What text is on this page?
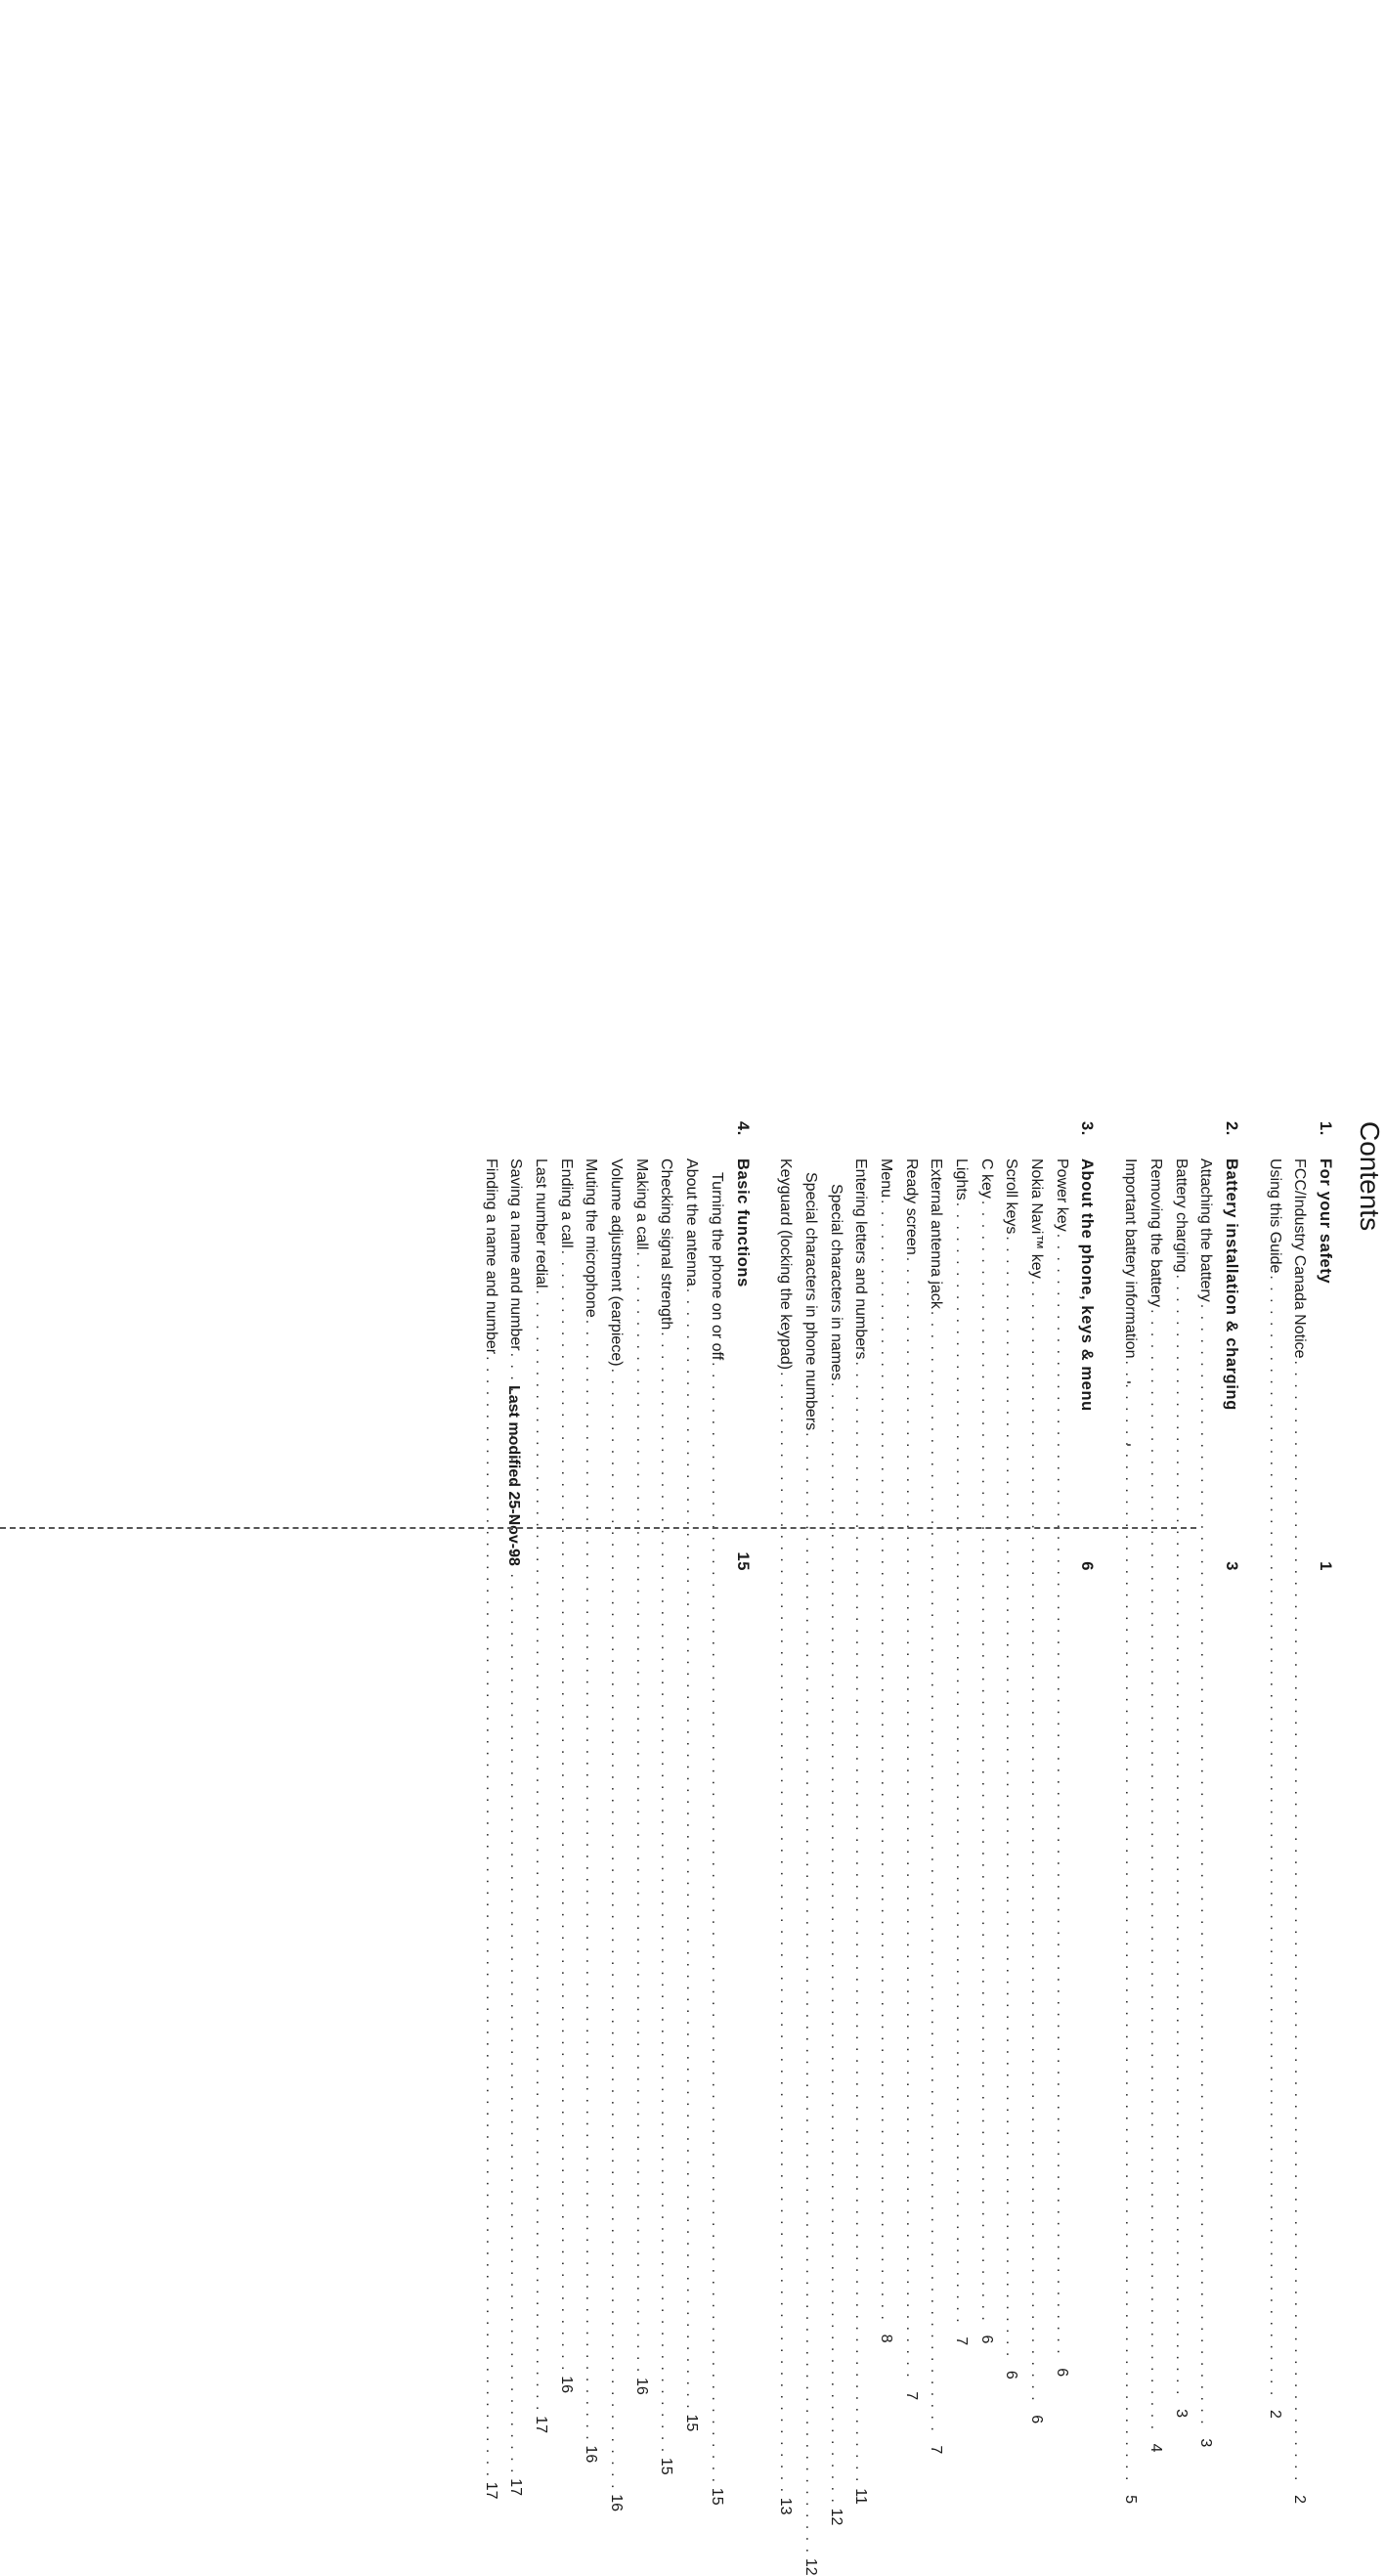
Contents
1.
For your safety
1
FCC/Industry Canada Notice
. . .
2
Using this Guide
. . .
2
2.
Battery installation & charging
3
Attaching the battery
. . .
3
Battery charging
. . .
3
Removing the battery
. . .
4
Important battery information
. . .
5
3.
About the phone, keys & menu
6
Power key
. . .
6
Nokia Navi™ key
. . .
6
Scroll keys
. . .
6
C key
. . .
6
Lights
. . .
7
External antenna jack
. . .
7
Ready screen
. . .
7
Menu
. . .
8
Entering letters and numbers
. . .
11
Special characters in names
. . .
12
Special characters in phone numbers
. . .
12
Keyguard (locking the keypad)
. . .
13
4.
Basic functions
15
Turning the phone on or off
. . .
15
About the antenna
. . .
15
Checking signal strength
. . .
15
Making a call
. . .
16
Volume adjustment (earpiece)
. . .
16
Muting the microphone
. . .
16
Ending a call
. . .
16
Last number redial
. . .
17
Saving a name and number
. . .
17
Finding a name and number
. . .
17
Last modified 25-Nov-98
